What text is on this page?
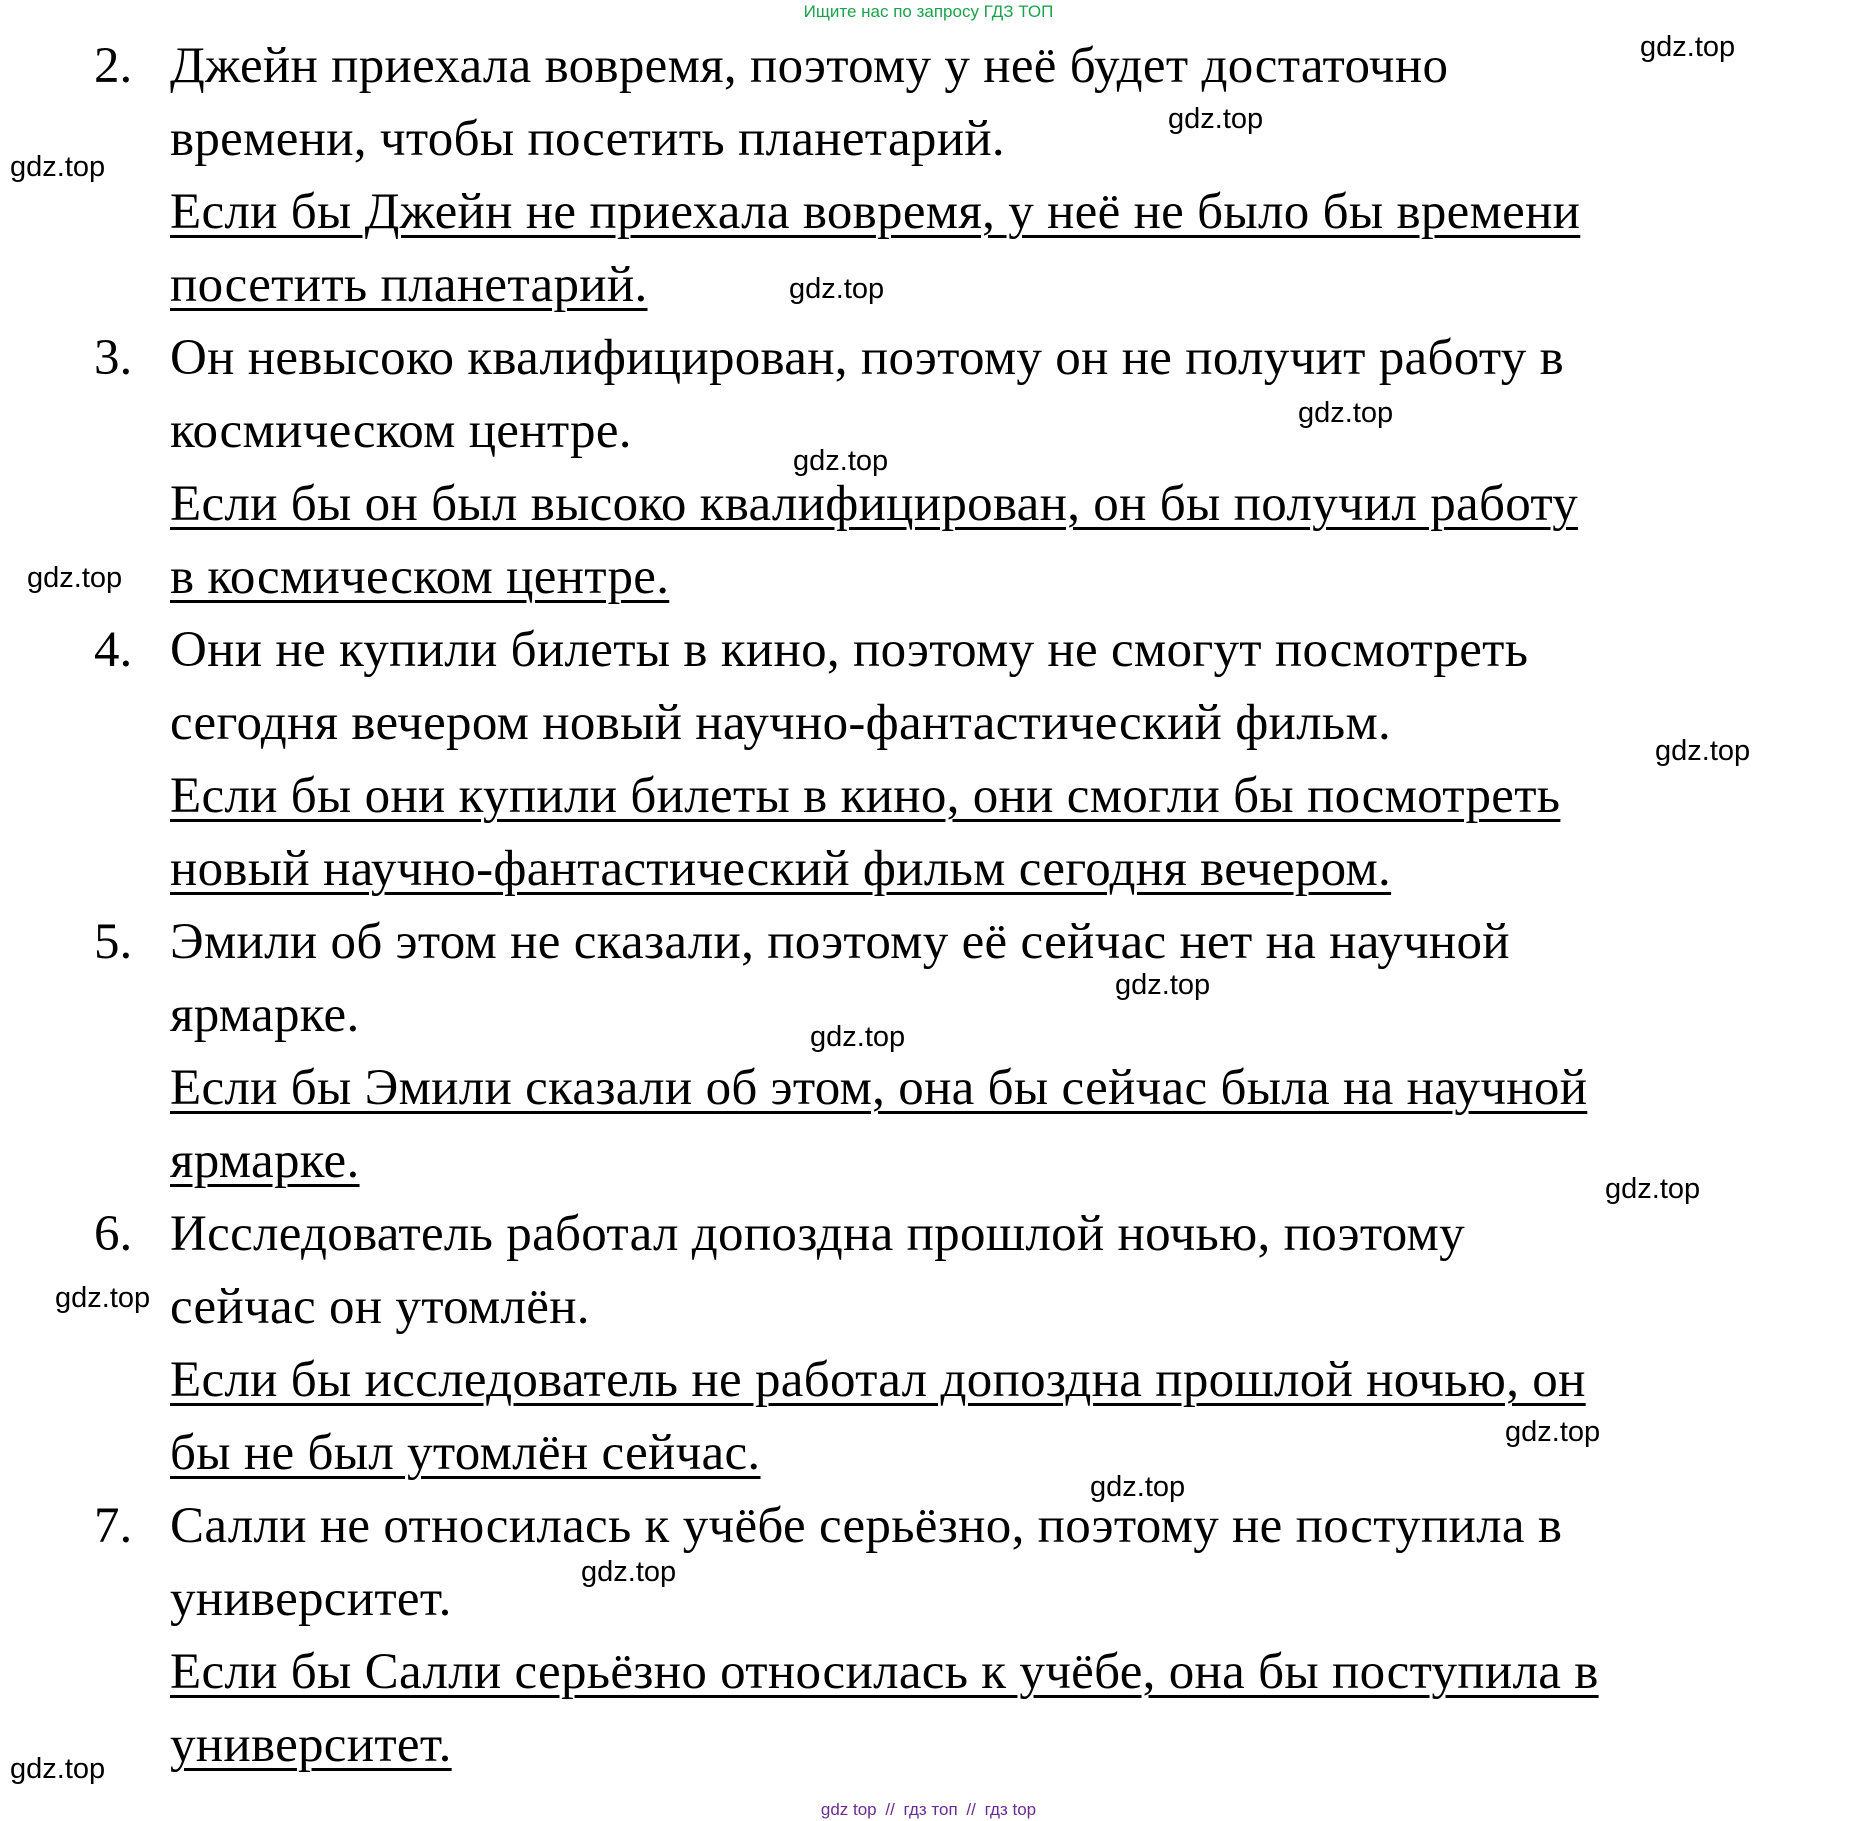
Ищите нас по запросу ГДЗ ТОП
2. Джейн приехала вовремя, поэтому у неё будет достаточно
времени, чтобы посетить планетарий.
Если бы Джейн не приехала вовремя, у неё не было бы времени
посетить планетарий.
3. Он невысоко квалифицирован, поэтому он не получит работу в
космическом центре.
Если бы он был высоко квалифицирован, он бы получил работу
в космическом центре.
4. Они не купили билеты в кино, поэтому не смогут посмотреть
сегодня вечером новый научно-фантастический фильм.
Если бы они купили билеты в кино, они смогли бы посмотреть
новый научно-фантастический фильм сегодня вечером.
5. Эмили об этом не сказали, поэтому её сейчас нет на научной
ярмарке.
Если бы Эмили сказали об этом, она бы сейчас была на научной
ярмарке.
6. Исследователь работал допоздна прошлой ночью, поэтому
сейчас он утомлён.
Если бы исследователь не работал допоздна прошлой ночью, он
бы не был утомлён сейчас.
7. Салли не относилась к учёбе серьёзно, поэтому не поступила в
университет.
Если бы Салли серьёзно относилась к учёбе, она бы поступила в
университет.
gdz.top
gdz.top
gdz.top
gdz.top
gdz.top
gdz.top
gdz.top
gdz.top
gdz.top
gdz.top
gdz.top
gdz.top
gdz.top
gdz.top
gdz.top
gdz.top
gdz top // гдз топ // гдз top
